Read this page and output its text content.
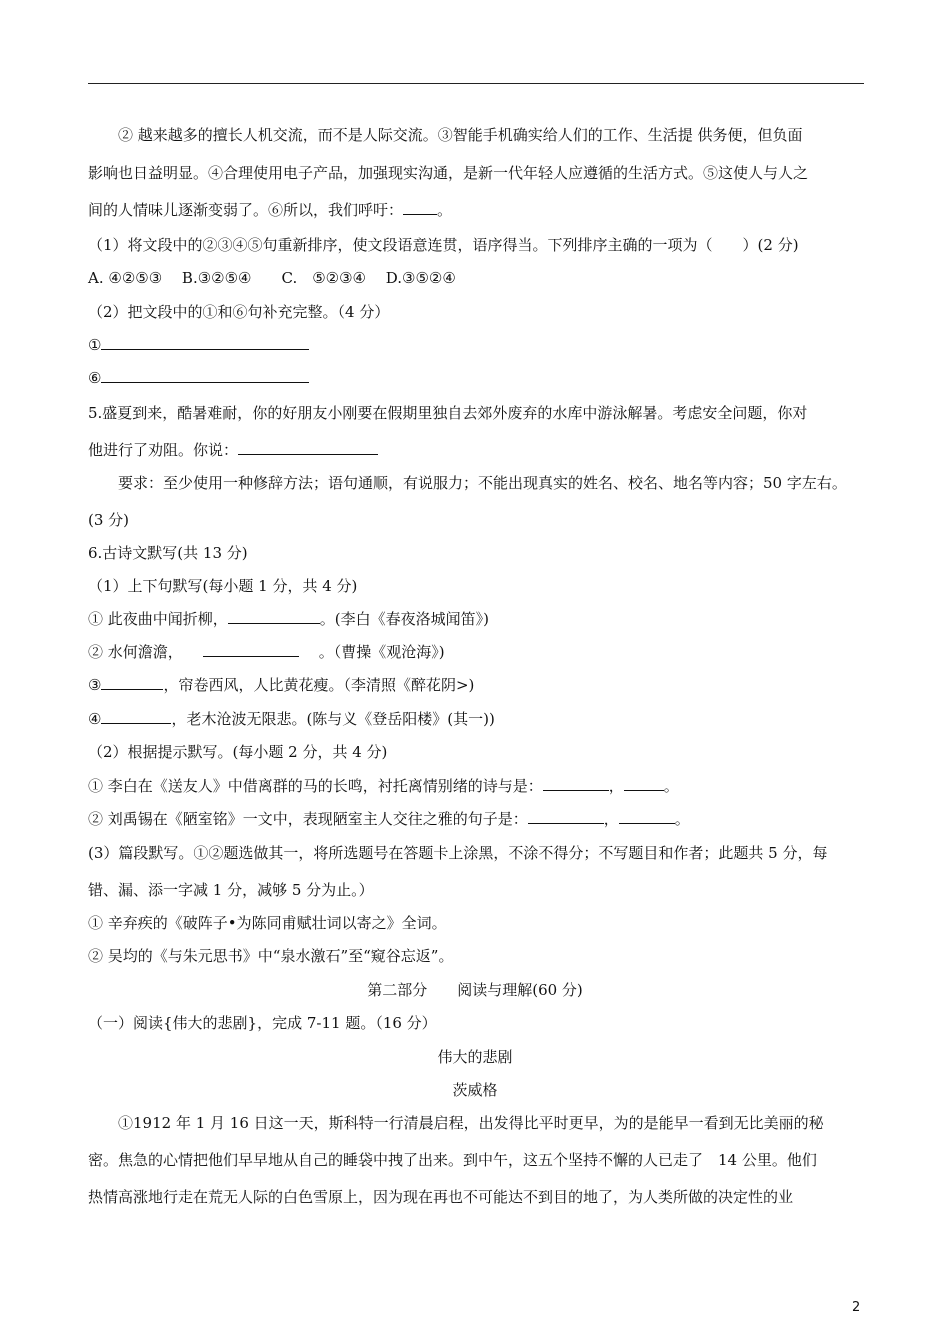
② 越来越多的擅长人机交流，而不是人际交流。③智能手机确实给人们的工作、生活提 供务便，但负面
影响也日益明显。④合理使用电子产品，加强现实沟通，是新一代年轻人应遵循的生活方式。⑤这使人与人之
间的人情味儿逐渐变弱了。⑥所以，我们呼吁： 。
（1）将文段中的②③④⑤句重新排序，使文段语意连贯，语序得当。下列排序主确的一项为（　　）(2 分)
A. ④②⑤③　 B.③②⑤④　　C.　⑤②③④　 D.③⑤②④
（2）把文段中的①和⑥句补充完整。（4 分）
①
⑥
5.盛夏到来，酷暑难耐，你的好朋友小刚要在假期里独自去郊外废弃的水库中游泳解暑。考虑安全问题，你对
他进行了劝阻。你说：
要求：至少使用一种修辞方法；语句通顺，有说服力；不能出现真实的姓名、校名、地名等内容；50 字左右。
(3 分)
6.古诗文默写(共 13 分)
（1）上下句默写(每小题 1 分，共 4 分)
① 此夜曲中闻折柳，	。(李白《春夜洛城闻笛》)
② 水何澹澹，	。（曹操《观沧海》)
③	，帘卷西风，人比黄花瘦。（李清照《醉花阴>)
④	，老木沧波无限悲。(陈与义《登岳阳楼》(其一))
（2）根据提示默写。(每小题 2 分，共 4 分)
① 李白在《送友人》中借离群的马的长鸣，衬托离情别绪的诗与是：	，	。
② 刘禹锡在《陋室铭》一文中，表现陋室主人交往之雅的句子是：	，	。
(3）篇段默写。①②题选做其一，将所选题号在答题卡上涂黑，不涂不得分；不写题目和作者；此题共 5 分，每
错、漏、添一字减 1 分，减够 5 分为止。）
① 辛弃疾的《破阵子•为陈同甫赋壮词以寄之》全词。
② 吴均的《与朱元思书》中“泉水激石”至“窥谷忘返”。
第二部分　　阅读与理解(60 分)
（一）阅读{伟大的悲剧}，完成 7-11 题。（16 分）
伟大的悲剧
茨威格
①1912 年 1 月 16 日这一天，斯科特一行清晨启程，出发得比平时更早，为的是能早一看到无比美丽的秘
密。焦急的心情把他们早早地从自己的睡袋中拽了出来。到中午，这五个坚持不懈的人已走了　14 公里。他们
热情高涨地行走在荒无人际的白色雪原上，因为现在再也不可能达不到目的地了，为人类所做的决定性的业
2
